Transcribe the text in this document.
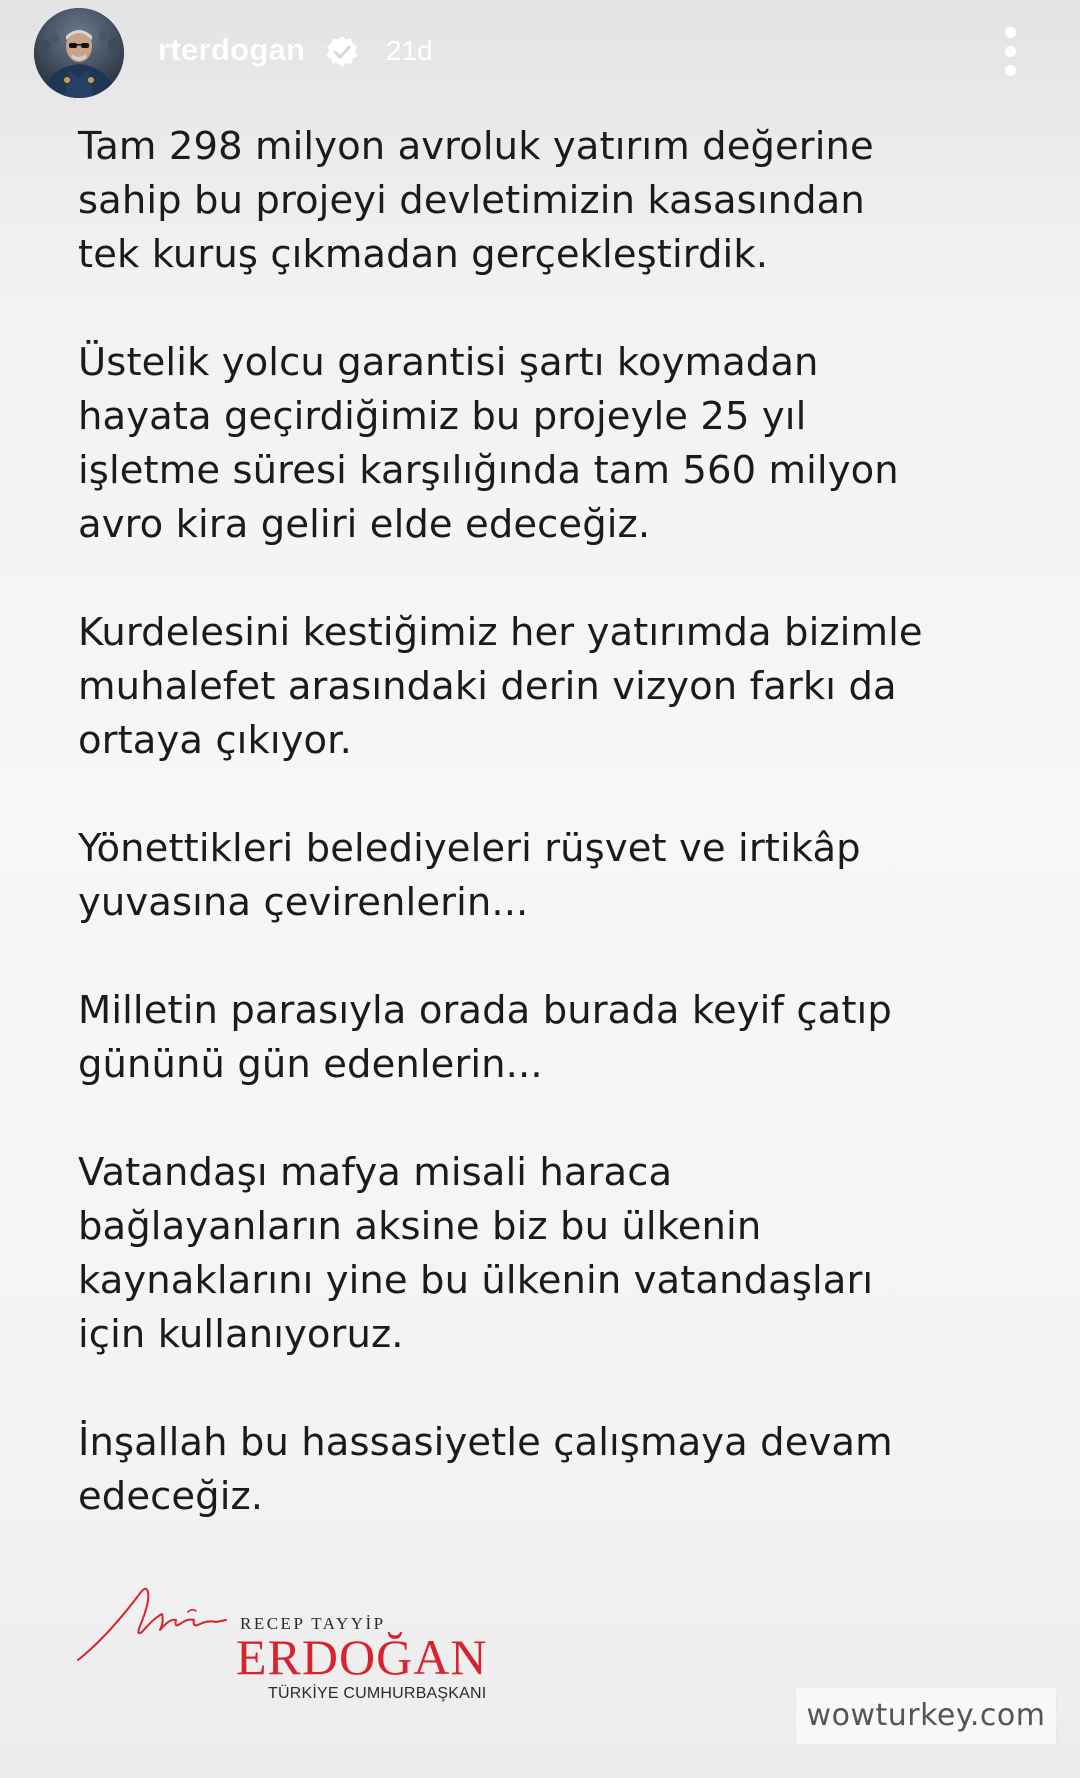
rterdogan	21d

Tam 298 milyon avroluk yatırım değerine
sahip bu projeyi devletimizin kasasından
tek kuruş çıkmadan gerçekleştirdik.

Üstelik yolcu garantisi şartı koymadan
hayata geçirdiğimiz bu projeyle 25 yıl
işletme süresi karşılığında tam 560 milyon
avro kira geliri elde edeceğiz.

Kurdelesini kestiğimiz her yatırımda bizimle
muhalefet arasındaki derin vizyon farkı da
ortaya çıkıyor.

Yönettikleri belediyeleri rüşvet ve irtikâp
yuvasına çevirenlerin...

Milletin parasıyla orada burada keyif çatıp
gününü gün edenlerin...

Vatandaşı mafya misali haraca
bağlayanların aksine biz bu ülkenin
kaynaklarını yine bu ülkenin vatandaşları
için kullanıyoruz.

İnşallah bu hassasiyetle çalışmaya devam
edeceğiz.

RECEP TAYYİP
ERDOĞAN
TÜRKİYE CUMHURBAŞKANI
wowturkey.com
